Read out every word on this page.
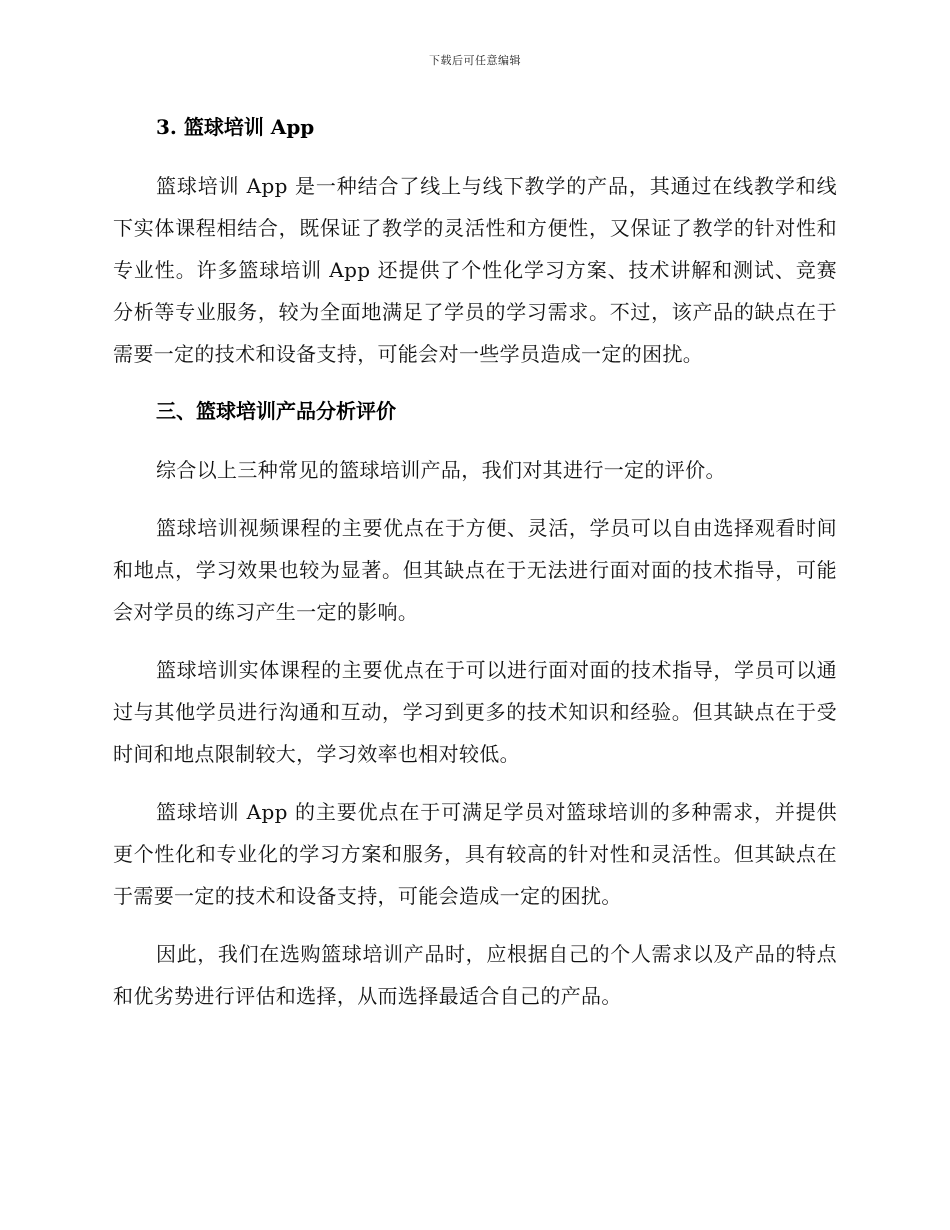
下载后可任意编辑
3. 篮球培训 App

篮球培训 App 是一种结合了线上与线下教学的产品，其通过在线教学和线下实体课程相结合，既保证了教学的灵活性和方便性，又保证了教学的针对性和专业性。许多篮球培训 App 还提供了个性化学习方案、技术讲解和测试、竞赛分析等专业服务，较为全面地满足了学员的学习需求。不过，该产品的缺点在于需要一定的技术和设备支持，可能会对一些学员造成一定的困扰。

三、篮球培训产品分析评价

综合以上三种常见的篮球培训产品，我们对其进行一定的评价。

篮球培训视频课程的主要优点在于方便、灵活，学员可以自由选择观看时间和地点，学习效果也较为显著。但其缺点在于无法进行面对面的技术指导，可能会对学员的练习产生一定的影响。

篮球培训实体课程的主要优点在于可以进行面对面的技术指导，学员可以通过与其他学员进行沟通和互动，学习到更多的技术知识和经验。但其缺点在于受时间和地点限制较大，学习效率也相对较低。

篮球培训 App 的主要优点在于可满足学员对篮球培训的多种需求，并提供更个性化和专业化的学习方案和服务，具有较高的针对性和灵活性。但其缺点在于需要一定的技术和设备支持，可能会造成一定的困扰。

因此，我们在选购篮球培训产品时，应根据自己的个人需求以及产品的特点和优劣势进行评估和选择，从而选择最适合自己的产品。
